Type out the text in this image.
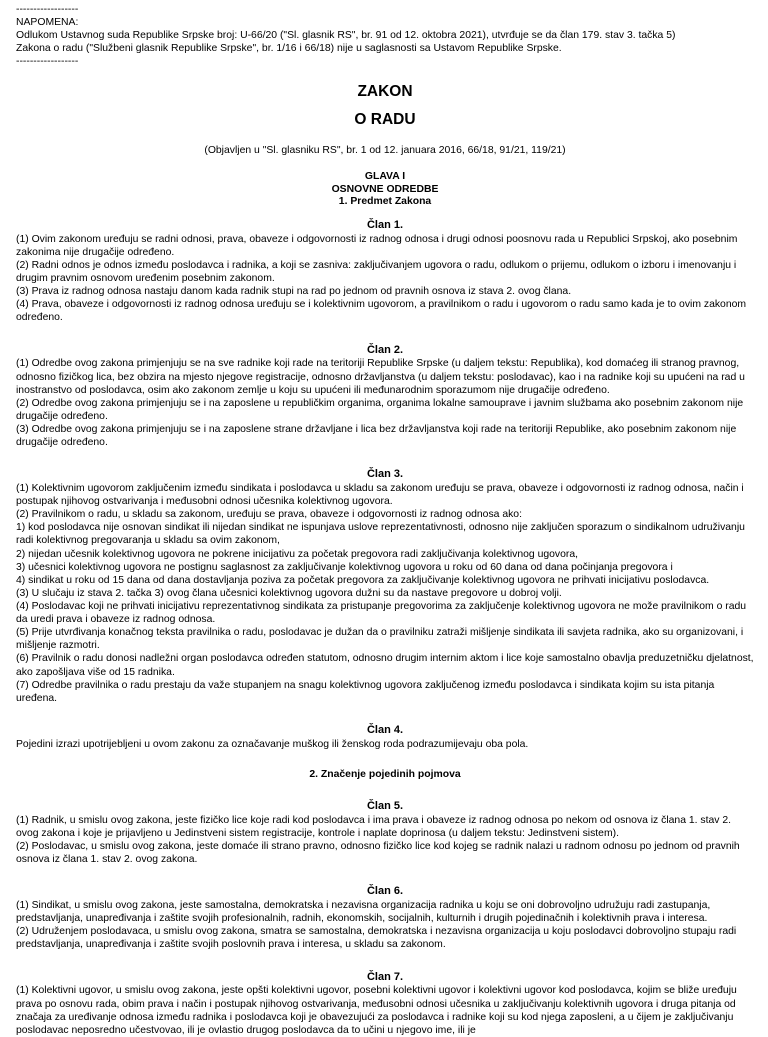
------------------

NAPOMENA:

Odlukom Ustavnog suda Republike Srpske broj: U-66/20 ("Sl. glasnik RS", br. 91 od 12. oktobra 2021), utvrđuje se da član 179. stav 3. tačka 5)

Zakona o radu ("Službeni glasnik Republike Srpske", br. 1/16 i 66/18) nije u saglasnosti sa Ustavom Republike Srpske.

------------------

ZAKON
O RADU
(Objavljen u "Sl. glasniku RS", br. 1 od 12. januara 2016, 66/18, 91/21, 119/21)
GLAVA I
OSNOVNE ODREDBE
1. Predmet Zakona
Član 1.

(1) Ovim zakonom uređuju se radni odnosi, prava, obaveze i odgovornosti iz radnog odnosa i drugi odnosi poosnovu rada u Republici Srpskoj, ako posebnim zakonima nije drugačije određeno.

(2) Radni odnos je odnos između poslodavca i radnika, a koji se zasniva: zaključivanjem ugovora o radu, odlukom o prijemu, odlukom o izboru i imenovanju i drugim pravnim osnovom uređenim posebnim zakonom.

(3) Prava iz radnog odnosa nastaju danom kada radnik stupi na rad po jednom od pravnih osnova iz stava 2. ovog člana.

(4) Prava, obaveze i odgovornosti iz radnog odnosa uređuju se i kolektivnim ugovorom, a pravilnikom o radu i ugovorom o radu samo kada je to ovim zakonom određeno.

Član 2.

(1) Odredbe ovog zakona primjenjuju se na sve radnike koji rade na teritoriji Republike Srpske (u daljem tekstu: Republika), kod domaćeg ili stranog pravnog, odnosno fizičkog lica, bez obzira na mjesto njegove registracije, odnosno državljanstva (u daljem tekstu: poslodavac), kao i na radnike koji su upućeni na rad u inostranstvo od poslodavca, osim ako zakonom zemlje u koju su upućeni ili međunarodnim sporazumom nije drugačije određeno.

(2) Odredbe ovog zakona primjenjuju se i na zaposlene u republičkim organima, organima lokalne samouprave i javnim službama ako posebnim zakonom nije drugačije određeno.

(3) Odredbe ovog zakona primjenjuju se i na zaposlene strane državljane i lica bez državljanstva koji rade na teritoriji Republike, ako posebnim zakonom nije drugačije određeno.

Član 3.

(1) Kolektivnim ugovorom zaključenim između sindikata i poslodavca u skladu sa zakonom uređuju se prava, obaveze i odgovornosti iz radnog odnosa, način i postupak njihovog ostvarivanja i međusobni odnosi učesnika kolektivnog ugovora.

(2) Pravilnikom o radu, u skladu sa zakonom, uređuju se prava, obaveze i odgovornosti iz radnog odnosa ako:

1) kod poslodavca nije osnovan sindikat ili nijedan sindikat ne ispunjava uslove reprezentativnosti, odnosno nije zaključen sporazum o sindikalnom udruživanju radi kolektivnog pregovaranja u skladu sa ovim zakonom,

2) nijedan učesnik kolektivnog ugovora ne pokrene inicijativu za početak pregovora radi zaključivanja kolektivnog ugovora,

3) učesnici kolektivnog ugovora ne postignu saglasnost za zaključivanje kolektivnog ugovora u roku od 60 dana od dana počinjanja pregovora i

4) sindikat u roku od 15 dana od dana dostavljanja poziva za početak pregovora za zaključivanje kolektivnog ugovora ne prihvati inicijativu poslodavca.

(3) U slučaju iz stava 2. tačka 3) ovog člana učesnici kolektivnog ugovora dužni su da nastave pregovore u dobroj volji.

(4) Poslodavac koji ne prihvati inicijativu reprezentativnog sindikata za pristupanje pregovorima za zaključenje kolektivnog ugovora ne može pravilnikom o radu da uredi prava i obaveze iz radnog odnosa.

(5) Prije utvrđivanja konačnog teksta pravilnika o radu, poslodavac je dužan da o pravilniku zatraži mišljenje sindikata ili savjeta radnika, ako su organizovani, i mišljenje razmotri.

(6) Pravilnik o radu donosi nadležni organ poslodavca određen statutom, odnosno drugim internim aktom i lice koje samostalno obavlja preduzetničku djelatnost, ako zapošljava više od 15 radnika.

(7) Odredbe pravilnika o radu prestaju da važe stupanjem na snagu kolektivnog ugovora zaključenog između poslodavca i sindikata kojim su ista pitanja uređena.

Član 4.

Pojedini izrazi upotrijebljeni u ovom zakonu za označavanje muškog ili ženskog roda podrazumijevaju oba pola.

2. Značenje pojedinih pojmova
Član 5.

(1) Radnik, u smislu ovog zakona, jeste fizičko lice koje radi kod poslodavca i ima prava i obaveze iz radnog odnosa po nekom od osnova iz člana 1. stav 2. ovog zakona i koje je prijavljeno u Jedinstveni sistem registracije, kontrole i naplate doprinosa (u daljem tekstu: Jedinstveni sistem).

(2) Poslodavac, u smislu ovog zakona, jeste domaće ili strano pravno, odnosno fizičko lice kod kojeg se radnik nalazi u radnom odnosu po jednom od pravnih osnova iz člana 1. stav 2. ovog zakona.

Član 6.

(1) Sindikat, u smislu ovog zakona, jeste samostalna, demokratska i nezavisna organizacija radnika u koju se oni dobrovoljno udružuju radi zastupanja, predstavljanja, unapređivanja i zaštite svojih profesionalnih, radnih, ekonomskih, socijalnih, kulturnih i drugih pojedinačnih i kolektivnih prava i interesa.

(2) Udruženjem poslodavaca, u smislu ovog zakona, smatra se samostalna, demokratska i nezavisna organizacija u koju poslodavci dobrovoljno stupaju radi predstavljanja, unapređivanja i zaštite svojih poslovnih prava i interesa, u skladu sa zakonom.

Član 7.

(1) Kolektivni ugovor, u smislu ovog zakona, jeste opšti kolektivni ugovor, posebni kolektivni ugovor i kolektivni ugovor kod poslodavca, kojim se bliže uređuju prava po osnovu rada, obim prava i način i postupak njihovog ostvarivanja, međusobni odnosi učesnika u zaključivanju kolektivnih ugovora i druga pitanja od značaja za uređivanje odnosa između radnika i poslodavca koji je obavezujući za poslodavca i radnike koji su kod njega zaposleni, a u čijem je zaključivanju poslodavac neposredno učestvovao, ili je ovlastio drugog poslodavca da to učini u njegovo ime, ili je
